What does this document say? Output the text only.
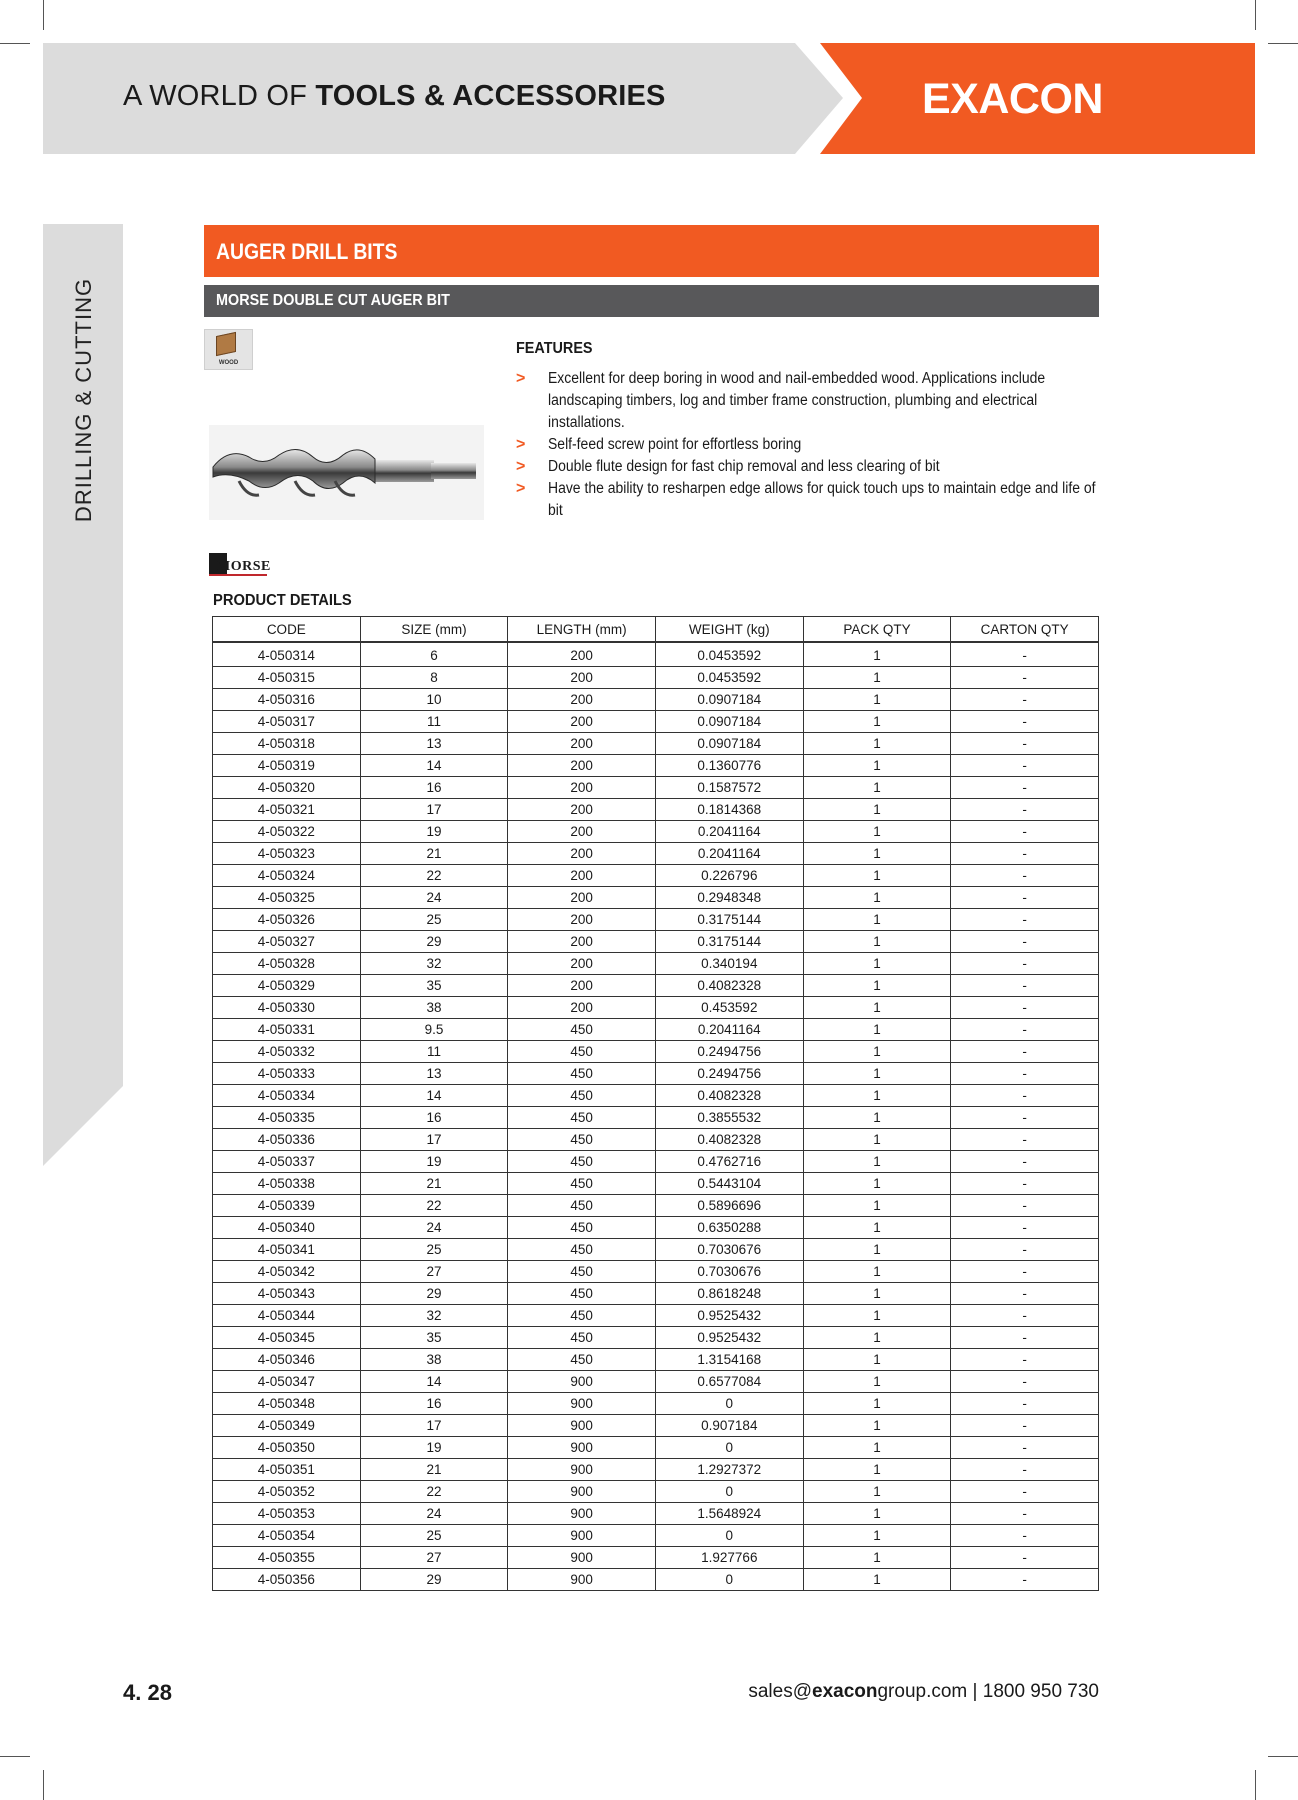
A WORLD OF TOOLS & ACCESSORIES	EXACON
DRILLING & CUTTING
AUGER DRILL BITS
MORSE DOUBLE CUT AUGER BIT
WOOD
FEATURES
> Excellent for deep boring in wood and nail-embedded wood. Applications include landscaping timbers, log and timber frame construction, plumbing and electrical installations.
> Self-feed screw point for effortless boring
> Double flute design for fast chip removal and less clearing of bit
> Have the ability to resharpen edge allows for quick touch ups to maintain edge and life of bit
MORSE
PRODUCT DETAILS
CODE	SIZE (mm)	LENGTH (mm)	WEIGHT (kg)	PACK QTY	CARTON QTY
4-050314	6	200	0.0453592	1	-
4-050315	8	200	0.0453592	1	-
4-050316	10	200	0.0907184	1	-
4-050317	11	200	0.0907184	1	-
4-050318	13	200	0.0907184	1	-
4-050319	14	200	0.1360776	1	-
4-050320	16	200	0.1587572	1	-
4-050321	17	200	0.1814368	1	-
4-050322	19	200	0.2041164	1	-
4-050323	21	200	0.2041164	1	-
4-050324	22	200	0.226796	1	-
4-050325	24	200	0.2948348	1	-
4-050326	25	200	0.3175144	1	-
4-050327	29	200	0.3175144	1	-
4-050328	32	200	0.340194	1	-
4-050329	35	200	0.4082328	1	-
4-050330	38	200	0.453592	1	-
4-050331	9.5	450	0.2041164	1	-
4-050332	11	450	0.2494756	1	-
4-050333	13	450	0.2494756	1	-
4-050334	14	450	0.4082328	1	-
4-050335	16	450	0.3855532	1	-
4-050336	17	450	0.4082328	1	-
4-050337	19	450	0.4762716	1	-
4-050338	21	450	0.5443104	1	-
4-050339	22	450	0.5896696	1	-
4-050340	24	450	0.6350288	1	-
4-050341	25	450	0.7030676	1	-
4-050342	27	450	0.7030676	1	-
4-050343	29	450	0.8618248	1	-
4-050344	32	450	0.9525432	1	-
4-050345	35	450	0.9525432	1	-
4-050346	38	450	1.3154168	1	-
4-050347	14	900	0.6577084	1	-
4-050348	16	900	0	1	-
4-050349	17	900	0.907184	1	-
4-050350	19	900	0	1	-
4-050351	21	900	1.2927372	1	-
4-050352	22	900	0	1	-
4-050353	24	900	1.5648924	1	-
4-050354	25	900	0	1	-
4-050355	27	900	1.927766	1	-
4-050356	29	900	0	1	-
4. 28	sales@exacongroup.com | 1800 950 730
